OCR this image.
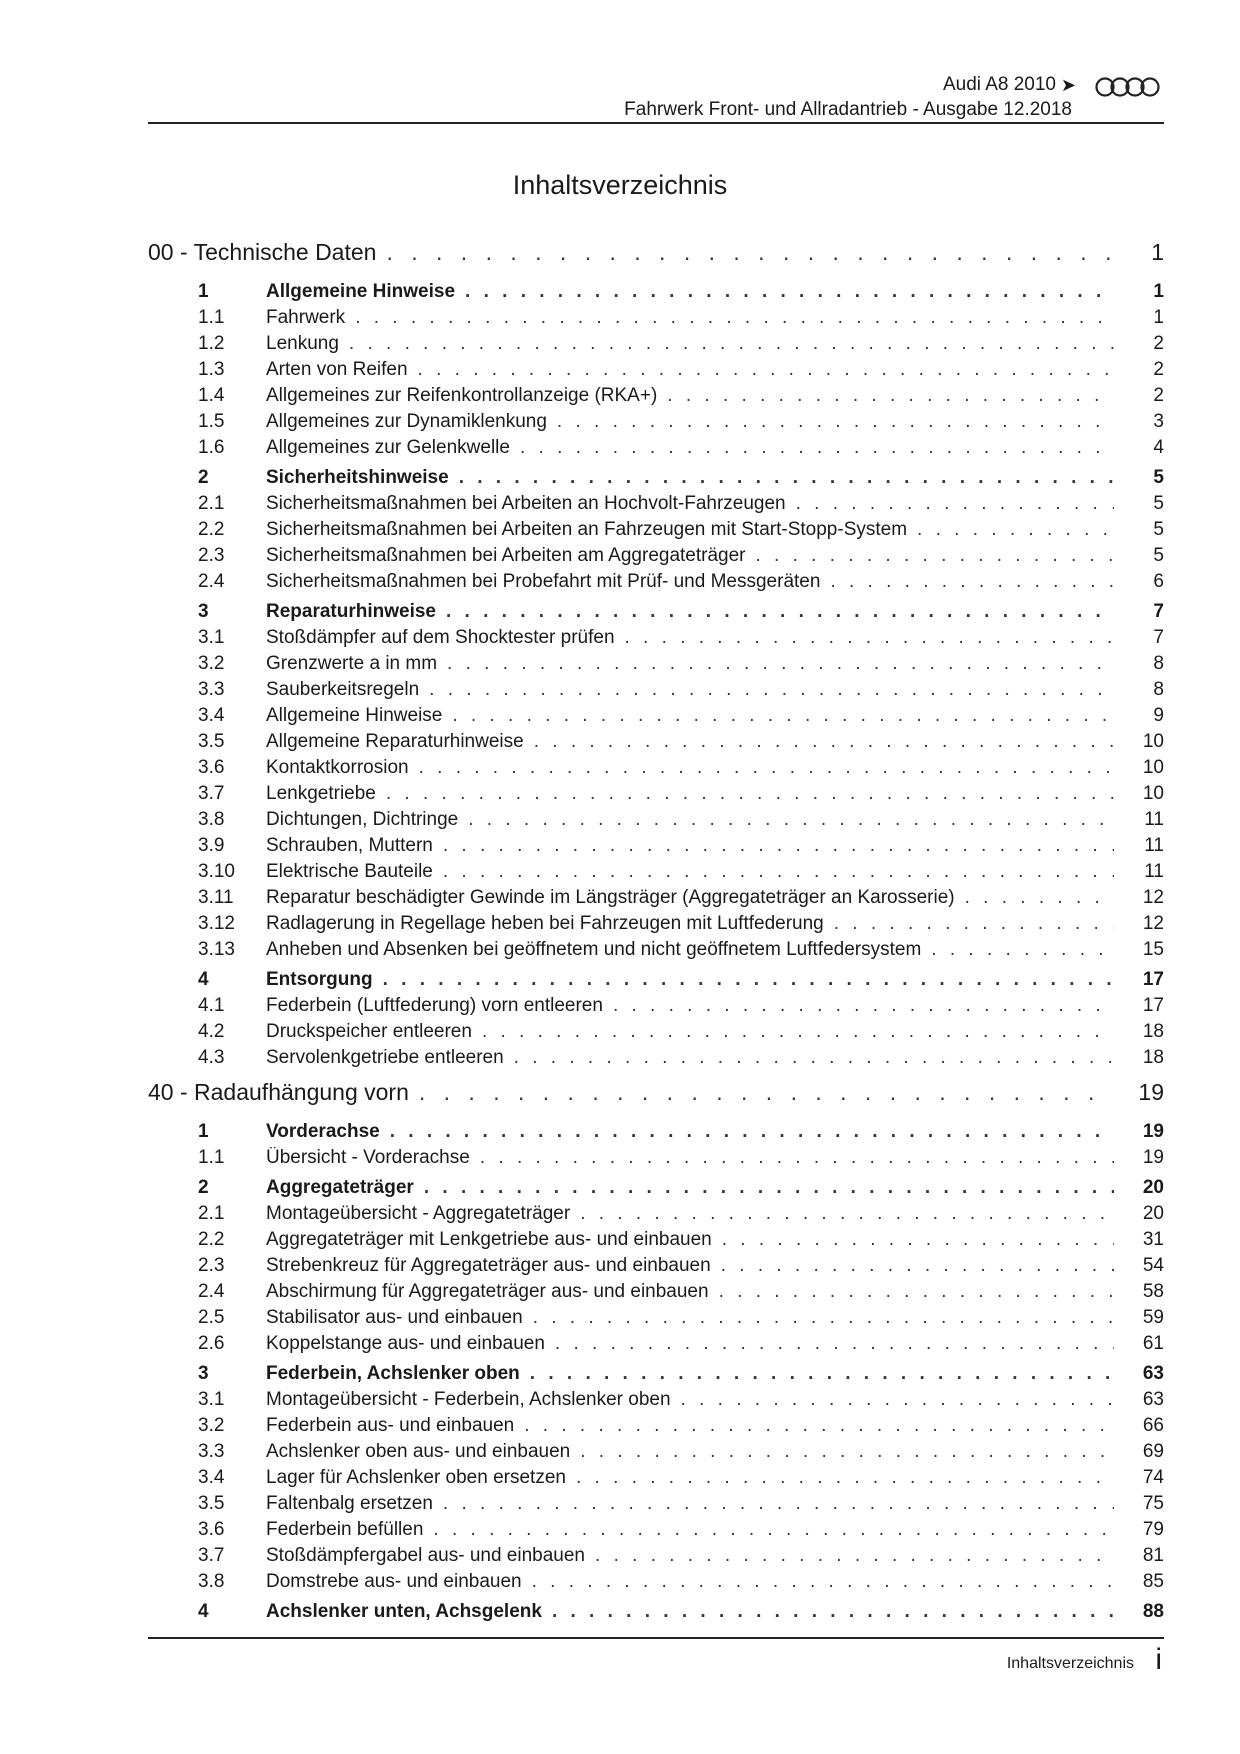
Audi A8 2010 ➤
Fahrwerk Front- und Allradantrieb - Ausgabe 12.2018
Inhaltsverzeichnis
00 - Technische Daten . . .	1
1	Allgemeine Hinweise . . .	1
1.1	Fahrwerk . . .	1
1.2	Lenkung . . .	2
1.3	Arten von Reifen . . .	2
1.4	Allgemeines zur Reifenkontrollanzeige (RKA+) . . .	2
1.5	Allgemeines zur Dynamiklenkung . . .	3
1.6	Allgemeines zur Gelenkwelle . . .	4
2	Sicherheitshinweise . . .	5
2.1	Sicherheitsmaßnahmen bei Arbeiten an Hochvolt-Fahrzeugen . . .	5
2.2	Sicherheitsmaßnahmen bei Arbeiten an Fahrzeugen mit Start-Stopp-System . . .	5
2.3	Sicherheitsmaßnahmen bei Arbeiten am Aggregateträger . . .	5
2.4	Sicherheitsmaßnahmen bei Probefahrt mit Prüf- und Messgeräten . . .	6
3	Reparaturhinweise . . .	7
3.1	Stoßdämpfer auf dem Shocktester prüfen . . .	7
3.2	Grenzwerte a in mm . . .	8
3.3	Sauberkeitsregeln . . .	8
3.4	Allgemeine Hinweise . . .	9
3.5	Allgemeine Reparaturhinweise . . .	10
3.6	Kontaktkorrosion . . .	10
3.7	Lenkgetriebe . . .	10
3.8	Dichtungen, Dichtringe . . .	11
3.9	Schrauben, Muttern . . .	11
3.10	Elektrische Bauteile . . .	11
3.11	Reparatur beschädigter Gewinde im Längsträger (Aggregateträger an Karosserie) . . .	12
3.12	Radlagerung in Regellage heben bei Fahrzeugen mit Luftfederung . . .	12
3.13	Anheben und Absenken bei geöffnetem und nicht geöffnetem Luftfedersystem . . .	15
4	Entsorgung . . .	17
4.1	Federbein (Luftfederung) vorn entleeren . . .	17
4.2	Druckspeicher entleeren . . .	18
4.3	Servolenkgetriebe entleeren . . .	18
40 - Radaufhängung vorn . . .	19
1	Vorderachse . . .	19
1.1	Übersicht - Vorderachse . . .	19
2	Aggregateträger . . .	20
2.1	Montageübersicht - Aggregateträger . . .	20
2.2	Aggregateträger mit Lenkgetriebe aus- und einbauen . . .	31
2.3	Strebenkreuz für Aggregateträger aus- und einbauen . . .	54
2.4	Abschirmung für Aggregateträger aus- und einbauen . . .	58
2.5	Stabilisator aus- und einbauen . . .	59
2.6	Koppelstange aus- und einbauen . . .	61
3	Federbein, Achslenker oben . . .	63
3.1	Montageübersicht - Federbein, Achslenker oben . . .	63
3.2	Federbein aus- und einbauen . . .	66
3.3	Achslenker oben aus- und einbauen . . .	69
3.4	Lager für Achslenker oben ersetzen . . .	74
3.5	Faltenbalg ersetzen . . .	75
3.6	Federbein befüllen . . .	79
3.7	Stoßdämpfergabel aus- und einbauen . . .	81
3.8	Domstrebe aus- und einbauen . . .	85
4	Achslenker unten, Achsgelenk . . .	88
Inhaltsverzeichnis i
